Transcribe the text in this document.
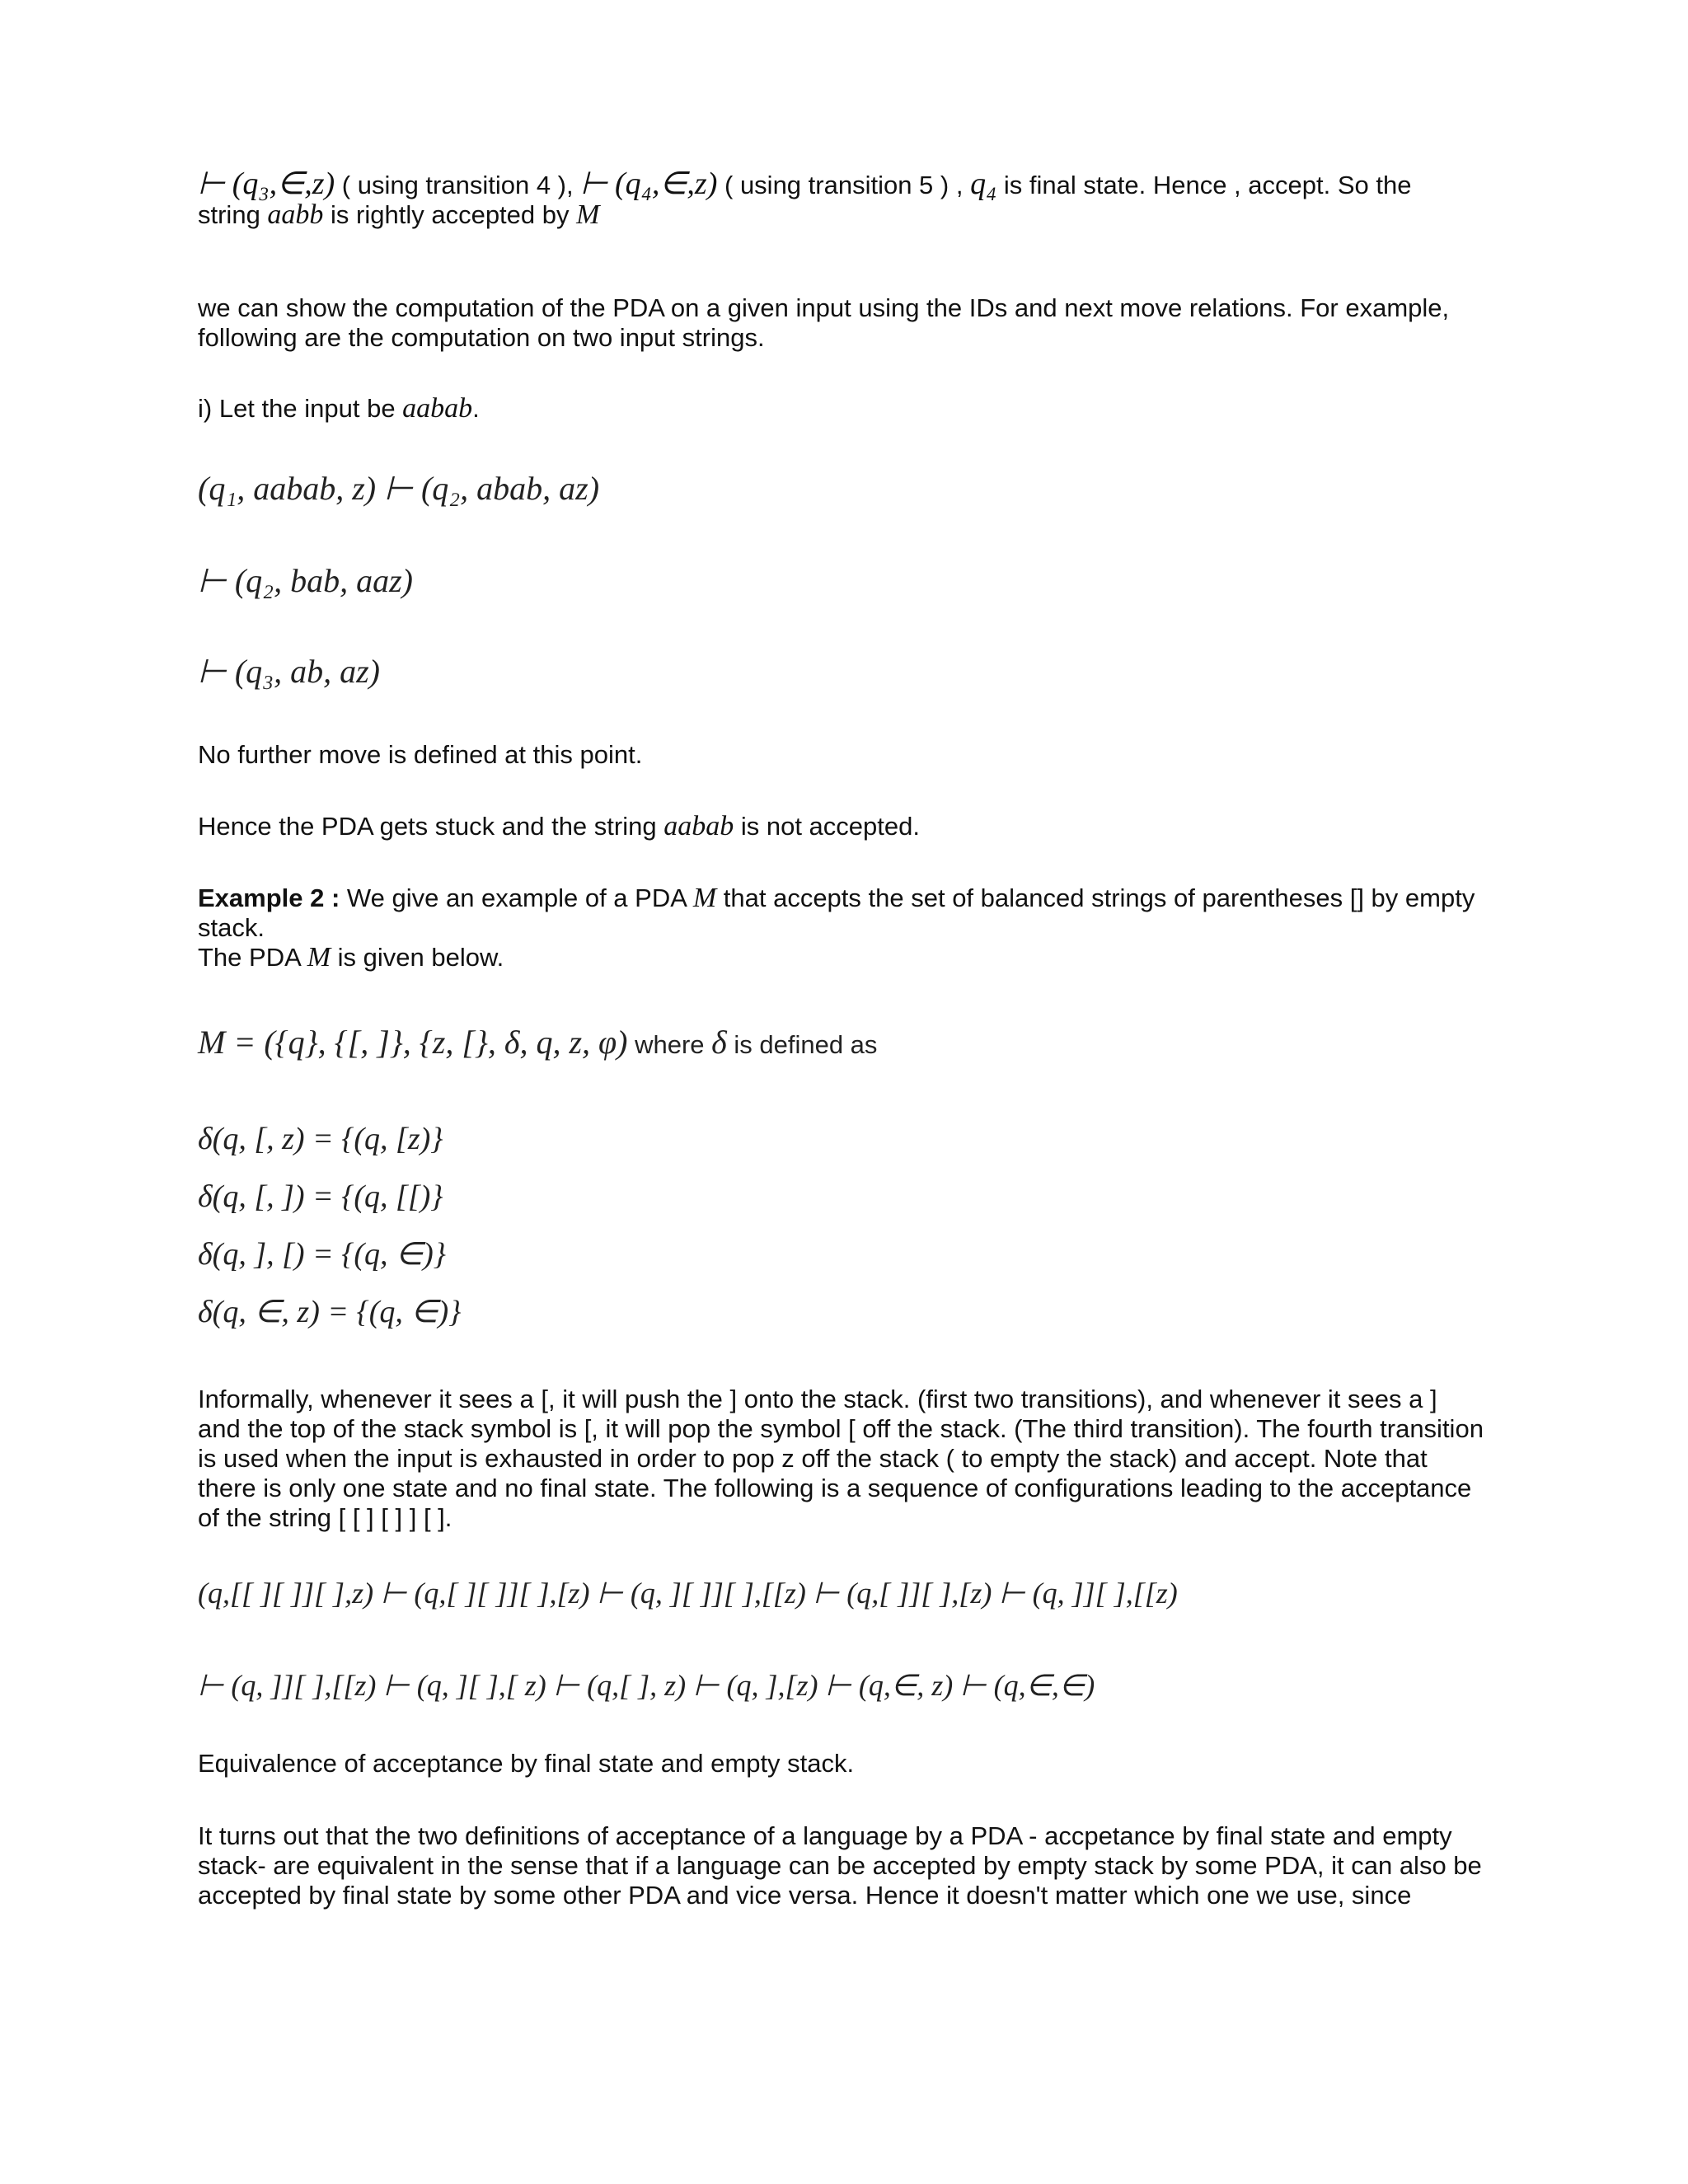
⊢ (q₃,∈,z) ( using transition 4 ), ⊢ (q₄,∈,z) ( using transition 5 ) , q₄ is final state. Hence , accept. So the
string aabb is rightly accepted by M

we can show the computation of the PDA on a given input using the IDs and next move relations. For example, following are the computation on two input strings.

i) Let the input be aabab.

(q₁, aabab, z) ⊢ (q₂, abab, az)
⊢ (q₂, bab, aaz)
⊢ (q₃, ab, az)

No further move is defined at this point.

Hence the PDA gets stuck and the string aabab is not accepted.

Example 2 : We give an example of a PDA M that accepts the set of balanced strings of parentheses [] by empty stack.
The PDA M is given below.

M = ({q}, {[, ]}, {z, [}, δ, q, z, φ) where δ is defined as
δ(q, [, z) = {(q, [z)}
δ(q, [, ]) = {(q, [[)}
δ(q, ], [) = {(q, ∈)}
δ(q, ∈, z) = {(q, ∈)}

Informally, whenever it sees a [, it will push the ] onto the stack. (first two transitions), and whenever it sees a ] and the top of the stack symbol is [, it will pop the symbol [ off the stack. (The third transition). The fourth transition is used when the input is exhausted in order to pop z off the stack ( to empty the stack) and accept. Note that there is only one state and no final state. The following is a sequence of configurations leading to the acceptance of the string [ [ ] [ ] ] [ ].

(q,[[ ][ ]][ ],z) ⊢ (q,[ ][ ]][ ],[z) ⊢ (q, ][ ]][ ],[[z) ⊢ (q,[ ]][ ],[z) ⊢ (q, ]][ ],[[z)
⊢ (q, ]][ ],[[z) ⊢ (q, ][ ],[ z) ⊢ (q,[ ], z) ⊢ (q, ],[z) ⊢ (q,∈, z) ⊢ (q,∈,∈)

Equivalence of acceptance by final state and empty stack.

It turns out that the two definitions of acceptance of a language by a PDA - accpetance by final state and empty stack- are equivalent in the sense that if a language can be accepted by empty stack by some PDA, it can also be accepted by final state by some other PDA and vice versa. Hence it doesn't matter which one we use, since
